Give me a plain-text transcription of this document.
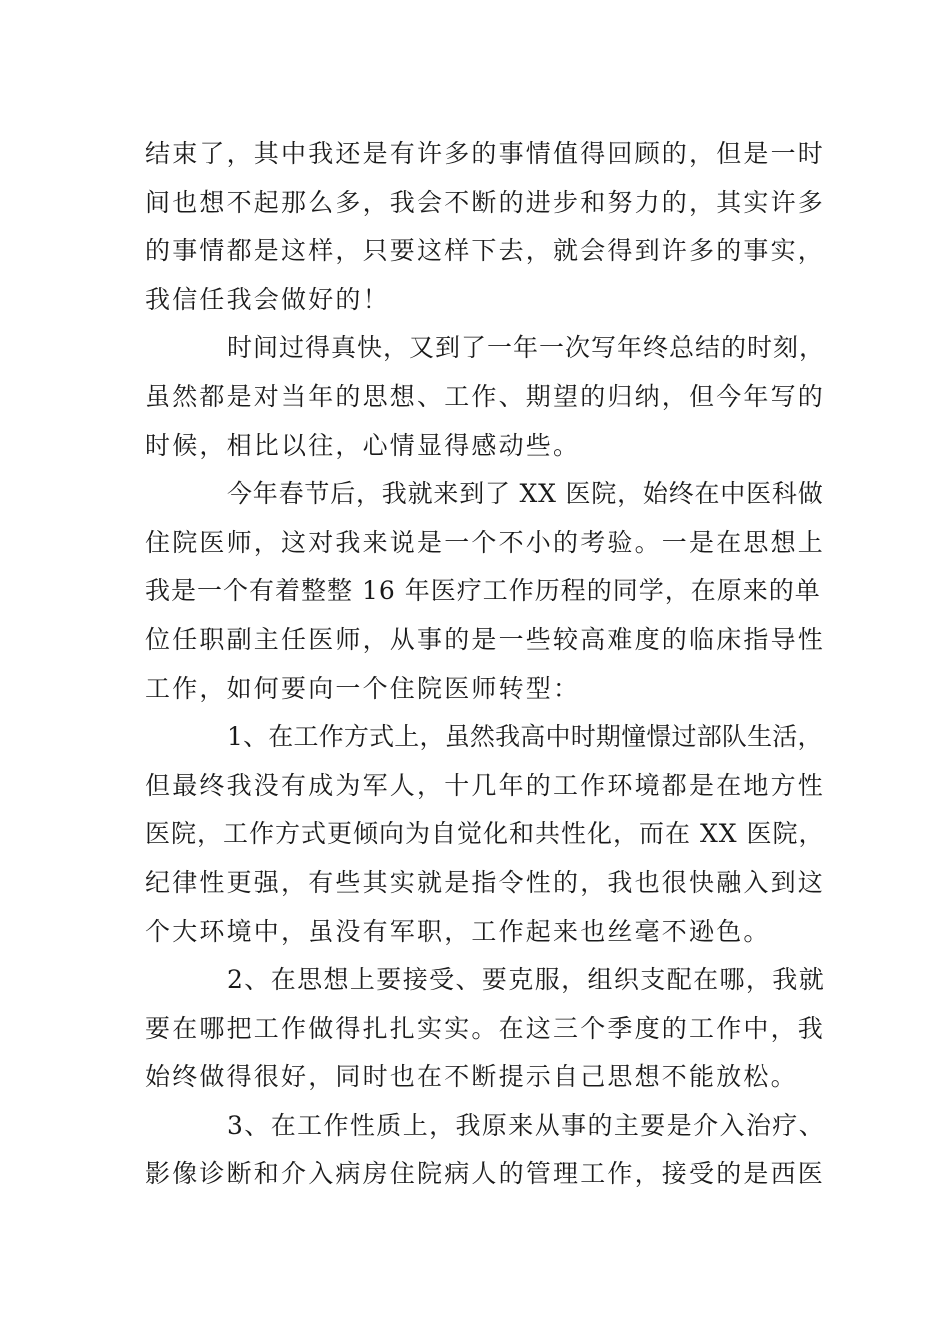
结束了，其中我还是有许多的事情值得回顾的，但是一时
间也想不起那么多，我会不断的进步和努力的，其实许多
的事情都是这样，只要这样下去，就会得到许多的事实，
我信任我会做好的！
时间过得真快，又到了一年一次写年终总结的时刻，
虽然都是对当年的思想、工作、期望的归纳，但今年写的
时候，相比以往，心情显得感动些。
今年春节后，我就来到了 XX 医院，始终在中医科做
住院医师，这对我来说是一个不小的考验。一是在思想上
我是一个有着整整 16 年医疗工作历程的同学，在原来的单
位任职副主任医师，从事的是一些较高难度的临床指导性
工作，如何要向一个住院医师转型：
1、在工作方式上，虽然我高中时期憧憬过部队生活，
但最终我没有成为军人，十几年的工作环境都是在地方性
医院，工作方式更倾向为自觉化和共性化，而在 XX 医院，
纪律性更强，有些其实就是指令性的，我也很快融入到这
个大环境中，虽没有军职，工作起来也丝毫不逊色。
2、在思想上要接受、要克服，组织支配在哪，我就
要在哪把工作做得扎扎实实。在这三个季度的工作中，我
始终做得很好，同时也在不断提示自己思想不能放松。
3、在工作性质上，我原来从事的主要是介入治疗、
影像诊断和介入病房住院病人的管理工作，接受的是西医
